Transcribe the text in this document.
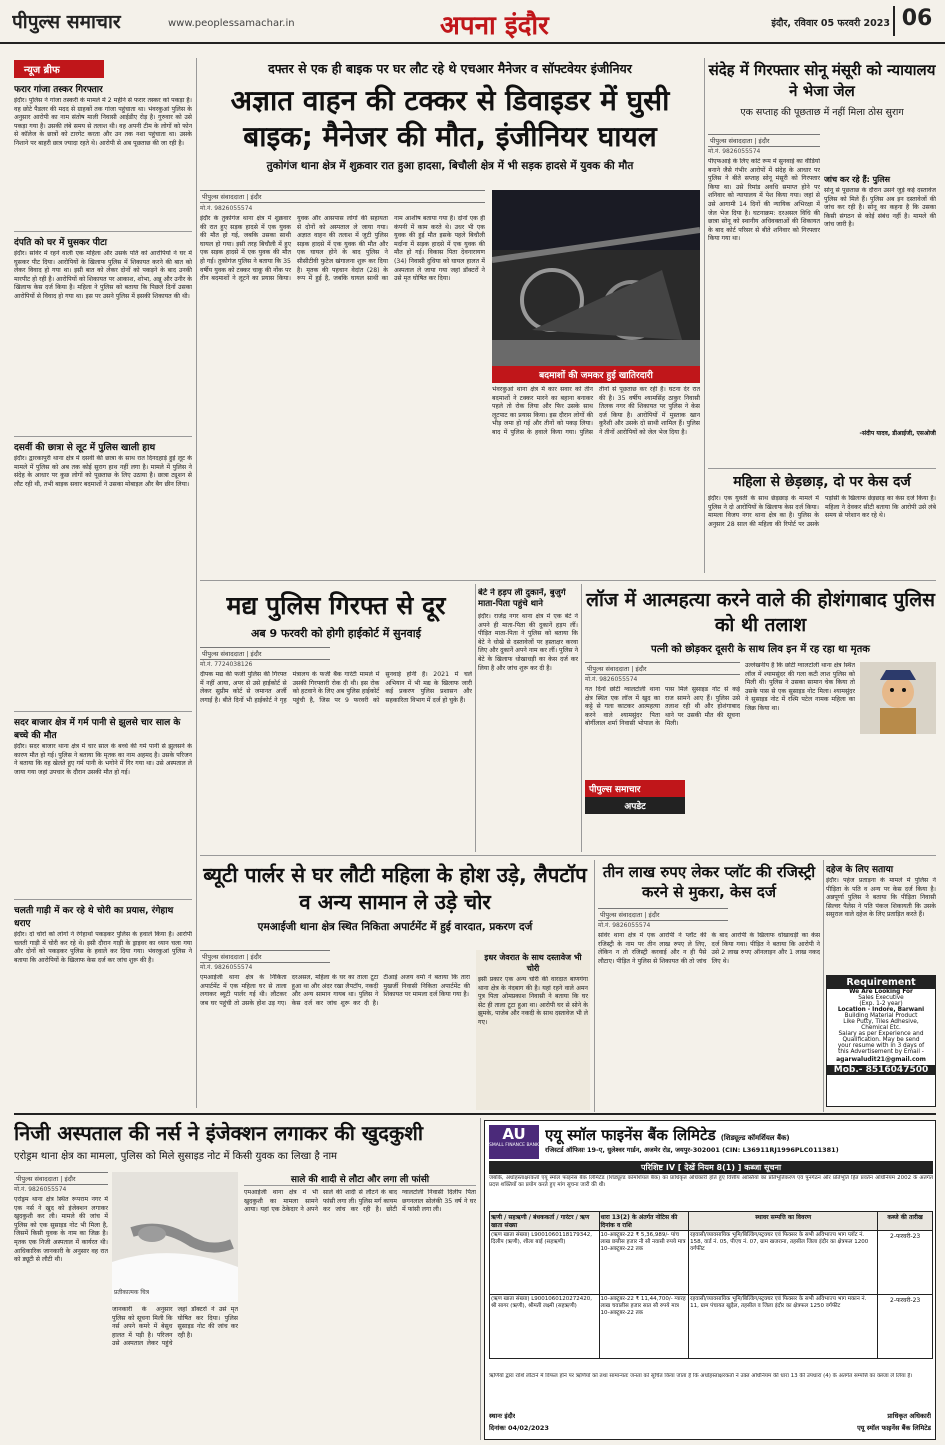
पीपुल्स समाचार	www.peoplessamachar.in	अपना इंदौर	इंदौर, रविवार 05 फरवरी 2023 06
न्यूज ब्रीफ
फरार गांजा तस्कर गिरफ्तार
इंदौर। पुलिस ने गांजा तस्करी के मामले में 2 महीने से फरार तस्कर को पकड़ा है। वह छोटे पैडलर की मदद से ग्राहकों तक गांजा पहुंचाता था। भंवरकुआं पुलिस के अनुसार आरोपी का नाम संतोष माली निवासी आईडीए रोड़ है। गुरुवार को उसे पकड़ा गया है। उसकी लंबे समय से तलाश थी। वह अपनी टीम के लोगों को फोन से कॉलेज के छात्रों को टारगेट करता और उन तक नशा पहुंचाता था। उसके निशाने पर बाहरी छात्र ज्यादा रहते थे। आरोपी से अब पूछताछ की जा रही है।
दंपति को घर में घुसकर पीटा
इंदौर। सांवेर में रहने वाली एक महिला और उसके पति को आरोपियों ने घर में घुसकर पीट दिया। आरोपियों के खिलाफ पुलिस में शिकायत करने की बात को लेकर विवाद हो गया था। इसी बात को लेकर दोनों को पकड़ने के बाद उनकी मारपीट हो रही है। आरोपियों को शिकायत पर आकाश, शोभा, अन्नू और उनीर के खिलाफ केस दर्ज किया है। महिला ने पुलिस को बताया कि पिछले दिनों उसका आरोपियों से विवाद हो गया था। इस पर उसने पुलिस में इसकी शिकायत की थी।
दसवीं की छात्रा से लूट में पुलिस खाली हाथ
इंदौर। द्वारकापुरी थाना क्षेत्र में दसवीं की छात्रा के साथ रात दिनदहाड़े हुई लूट के मामले में पुलिस को अब तक कोई सुराग हाथ नहीं लगा है। मामले में पुलिस ने संदेह के आधार पर कुछ लोगों को पूछताछ के लिए उठाया है। छात्रा ट्यूशन से लौट रही थी, तभी बाइक सवार बदमाशों ने उसका मोबाइल और बैग छीन लिया।
सदर बाजार क्षेत्र में गर्म पानी से झुलसे चार साल के बच्चे की मौत
इंदौर। सदर बाजार थाना क्षेत्र में चार साल के बच्चे की गर्म पानी से झुलसने के कारण मौत हो गई। पुलिस ने बताया कि मृतक का नाम अहमद है। उसके परिजन ने बताया कि वह खेलते हुए गर्म पानी के भगोने में गिर गया था। उसे अस्पताल ले जाया गया जहां उपचार के दौरान उसकी मौत हो गई।
चलती गाड़ी में कर रहे थे चोरी का प्रयास, रंगेहाथ धराए
इंदौर। दो चोरों को लोगों ने रंगेहाथों पकड़कर पुलिस के हवाले किया है। आरोपी चलती गाड़ी में चोरी कर रहे थे। इसी दौरान गाड़ी के ड्राइवर का ध्यान चला गया और दोनों को पकड़कर पुलिस के हवाले कर दिया गया। भंवरकुआं पुलिस ने बताया कि आरोपियों के खिलाफ केस दर्ज कर जांच शुरू की है।
दफ्तर से एक ही बाइक पर घर लौट रहे थे एचआर मैनेजर व सॉफ्टवेयर इंजीनियर
अज्ञात वाहन की टक्कर से डिवाइडर में घुसी बाइक; मैनेजर की मौत, इंजीनियर घायल
तुकोगंज थाना क्षेत्र में शुक्रवार रात हुआ हादसा, बिचौली क्षेत्र में भी सड़क हादसे में युवक की मौत
पीपुल्स संवाददाता | इंदौर
मो.नं. 9826055574
इंदौर के तुकोगंज थाना क्षेत्र में शुक्रवार की रात हुए सड़क हादसे में एक युवक की मौत हो गई, जबकि उसका साथी घायल हो गया। इसी तरह बिचौली में हुए एक सड़क हादसे में एक युवक की मौत हो गई। तुकोगंज पुलिस ने बताया कि 35 वर्षीय युवक को टक्कर चाकू की नोंक पर तीन बदमाशों ने लूटने का प्रयास किया। युवक और आसपास लोगों की सहायता से दोनों को अस्पताल ले जाया गया। अज्ञात वाहन की तलाश में जुटी पुलिस सड़क हादसे में एक युवक की मौत और एक घायल होने के बाद पुलिस ने सीसीटीवी फुटेज खंगालना शुरू कर दिया है। मृतक की पहचान वेदांत (28) के रूप में हुई है, जबकि घायल साथी का नाम आशीष बताया गया है। दोनों एक ही कंपनी में काम करते थे। उधर भी एक युवक की हुई मौत इसके पहले बिचौली मर्दाना में सड़क हादसे में एक युवक की मौत हो गई। विकास पिता देवनारायण (34) निवासी दुधिया को घायल हालत में अस्पताल ले जाया गया जहां डॉक्टरों ने उसे मृत घोषित कर दिया।
बदमाशों की जमकर हुई खातिरदारी
भंवरकुआं थाना क्षेत्र में कार सवार को तीन बदमाशों ने टक्कर मारने का बहाना बनाकर पहले तो रोक लिया और फिर उसके साथ लूटपाट का प्रयास किया। इस दौरान लोगों की भीड़ जमा हो गई और तीनों को पकड़ लिया। बाद में पुलिस के हवाले किया गया। पुलिस तीनों से पूछताछ कर रही है। घटना देर रात की है। 35 वर्षीय श्यामसिंह ठाकुर निवासी तिलक नगर की शिकायत पर पुलिस ने केस दर्ज किया है। आरोपियों में मुस्ताक खान कुरैशी और उसके दो साथी शामिल हैं। पुलिस ने तीनों आरोपियों को जेल भेज दिया है।
संदेह में गिरफ्तार सोनू मंसूरी को न्यायालय ने भेजा जेल
एक सप्ताह की पूछताछ में नहीं मिला ठोस सुराग
पीपुल्स संवाददाता | इंदौर
मो.नं. 9826055574
पीएफआई के लिए कोर्ट रूम में सुनवाई का वीडियो बनाने जैसे गंभीर आरोपों में संदेह के आधार पर पुलिस ने बीते सप्ताह सोनू मंसूरी को गिरफ्तार किया था। उसे रिमांड अवधि समाप्त होने पर शनिवार को न्यायालय में पेश किया गया। जहां से उसे आगामी 14 दिनों की न्यायिक अभिरक्षा में जेल भेज दिया है। घटनाक्रम: दरअसल विधि की छात्रा सोनू को स्थानीय अधिवक्ताओं की शिकायत के बाद कोर्ट परिसर से बीते शनिवार को गिरफ्तार किया गया था।
जांच कर रहे हैं: पुलिस
सोनू से पूछताछ के दौरान उसने जुड़े कई दस्तावेज पुलिस को मिले हैं। पुलिस अब इन दस्तावेजों की जांच कर रही है। सोनू का कहना है कि उसका किसी संगठन से कोई संबंध नहीं है। मामले की जांच जारी है।
-संदीप यादव, डीआईजी, एसओजी
महिला से छेड़छाड़, दो पर केस दर्ज
इंदौर। एक युवती के साथ छेड़छाड़ के मामले में पुलिस ने दो आरोपियों के खिलाफ केस दर्ज किया। मामला विजय नगर थाना क्षेत्र का है। पुलिस के अनुसार 28 साल की महिला की रिपोर्ट पर उसके पड़ोसी के खिलाफ छेड़छाड़ का केस दर्ज किया है। महिला ने देवकर सीटी बताया कि आरोपी उसे लंबे समय से परेशान कर रहे थे।
मद्य पुलिस गिरफ्त से दूर
अब 9 फरवरी को होगी हाईकोर्ट में सुनवाई
पीपुल्स संवाददाता | इंदौर
मो.नं. 7724038126
दीपक मद्य की फर्जी पुलिस की गिरफ्त में नहीं आया, अपर से उसे हाईकोर्ट से लेकर सुप्रीम कोर्ट से जमानत अर्जी लगाई है। बीते दिनों भी हाईकोर्ट ने गृह मंत्रालय के फर्जी बैंक गारंटी मामले में उसकी गिरफ्तारी रोक दी थी। इस रोक को हटवाने के लिए अब पुलिस हाईकोर्ट पहुंची है, जिस पर 9 फरवरी को सुनवाई होनी है। 2021 में चले अभियान में भी मद्य के खिलाफ जारी कई प्रकरण पुलिस प्रशासन और सहकारिता विभाग में दर्ज हो चुके हैं।
बेटे ने हड़प ली दुकानें, बुजुर्ग माता-पिता पहुंचे थाने
इंदौर। राजेंद्र नगर थाना क्षेत्र में एक बेटे ने अपने ही माता-पिता की दुकानें हड़प लीं। पीड़ित माता-पिता ने पुलिस को बताया कि बेटे ने धोखे से दस्तावेजों पर हस्ताक्षर करवा लिए और दुकानें अपने नाम कर लीं। पुलिस ने बेटे के खिलाफ धोखाधड़ी का केस दर्ज कर लिया है और जांच शुरू कर दी है।
लॉज में आत्महत्या करने वाले की होशंगाबाद पुलिस को थी तलाश
पत्नी को छोड़कर दूसरी के साथ लिव इन में रह रहा था मृतक
पीपुल्स संवाददाता | इंदौर
मो.नं. 9826055574
गत दिनों छोटी ग्वालटोली थाना क्षेत्र स्थित एक लॉज में खुद का कट्टे से गला काटकर आत्महत्या करने वाले श्यामसुंदर पिता बोर्गीलाल शर्मा निवासी भोपाल के पास मिले सुसाइड नोट से कई राज सामने आए हैं। पुलिस उसे तलाश रही थी और होशंगाबाद थाने पर उसकी मौत की सूचना मिली।
पीपुल्स समाचार
अपडेट
उल्लेखनीय है कि छोटी ग्वालटोली थाना क्षेत्र स्थित लॉज में श्यामसुंदर की गला कटी लाश पुलिस को मिली थी। पुलिस ने उसका सामान चेक किया तो उसके पास से एक सुसाइड नोट मिला। श्यामसुंदर ने सुसाइड नोट में रश्मि पटेल नामक महिला का जिक्र किया था।
ब्यूटी पार्लर से घर लौटी महिला के होश उड़े, लैपटॉप व अन्य सामान ले उड़े चोर
एमआईजी थाना क्षेत्र स्थित निकिता अपार्टमेंट में हुई वारदात, प्रकरण दर्ज
पीपुल्स संवाददाता | इंदौर
मो.नं. 9826055574
एमआईजी थाना क्षेत्र के निकिता अपार्टमेंट में एक महिला घर से ताला लगाकर ब्यूटी पार्लर गई थी। लौटकर जब घर पहुंची तो उसके होश उड़ गए। दरअसल, महिला के घर का ताला टूटा हुआ था और अंदर रखा लैपटॉप, नकदी और अन्य सामान गायब था। पुलिस ने केस दर्ज कर जांच शुरू कर दी है। टीआई अजय वर्मा ने बताया कि तारा मुखर्जी निवासी निकिता अपार्टमेंट की शिकायत पर मामला दर्ज किया गया है।
इधर जेवरात के साथ दस्तावेज भी चोरी
इसी प्रकार एक अन्य चोरी की वारदात बाणगंगा थाना क्षेत्र के नंदबाग की है। यहां रहने वाले अमन पुत्र पिता ओमप्रकाश निवासी ने बताया कि घर सेट ही ताला टूटा हुआ था। आरोपी घर से सोने के झुमके, पाजेब और नकदी के साथ दस्तावेज भी ले गए।
तीन लाख रुपए लेकर प्लॉट की रजिस्ट्री करने से मुकरा, केस दर्ज
पीपुल्स संवाददाता | इंदौर
मो.नं. 9826055574
सांवेर थाना क्षेत्र में एक आरोपी ने प्लॉट की रजिस्ट्री के नाम पर तीन लाख रुपए ले लिए, लेकिन न तो रजिस्ट्री करवाई और न ही पैसे लौटाए। पीड़ित ने पुलिस से शिकायत की तो जांच के बाद आरोपी के खिलाफ धोखाधड़ी का केस दर्ज किया गया। पीड़ित ने बताया कि आरोपी ने उसे 2 लाख रुपए ऑनलाइन और 1 लाख नकद लिए थे।
दहेज के लिए सताया
इंदौर। पहेज प्रताड़ना के मामले में पुलिस ने पीड़िता के पति व अन्य पर केस दर्ज किया है। अन्नपूर्णा पुलिस ने बताया कि पीड़िता निवासी सिल्वर पैलेस ने पति पंकज शिकायती कि उसके ससुराल वाले दहेज के लिए प्रताड़ित करते हैं।
Requirement
We Are Looking For
Sales Executive
(Exp. 1-2 year)
Location - Indore, Barwani
Building Material Product
Like Putty, Tiles Adhesive,
Chemical Etc.
Salary as per Experience and
Qualification. May be send
your resume with in 3 days of
this Advertisement by Email -
agarwaludit21@gmail.com
Mob.- 8516047500
निजी अस्पताल की नर्स ने इंजेक्शन लगाकर की खुदकुशी
एरोड्रम थाना क्षेत्र का मामला, पुलिस को मिले सुसाइड नोट में किसी युवक का लिखा है नाम
पीपुल्स संवाददाता | इंदौर
मो.नं. 9826055574
एरोड्रम थाना क्षेत्र स्थित रूपराम नगर में एक नर्स ने खुद को इंजेक्शन लगाकर खुदकुशी कर ली। मामले की जांच में पुलिस को एक सुसाइड नोट भी मिला है, जिसमें किसी युवक के नाम का जिक्र है। मृतक एक निजी अस्पताल में कार्यरत थी। आधिकारिक जानकारी के अनुसार वह रात को ड्यूटी से लौटी थी।
प्रतीकात्मक चित्र
जानकारी के अनुसार पुलिस को सूचना मिली कि नर्स अपने कमरे में बेसुध हालत में पड़ी है। परिजन उसे अस्पताल लेकर पहुंचे जहां डॉक्टरों ने उसे मृत घोषित कर दिया। पुलिस सुसाइड नोट की जांच कर रही है।
साले की शादी से लौटा और लगा ली फांसी
एमआईजी थाना क्षेत्र में भी खुदकुशी का मामला सामने आया। यहां एक ठेकेदार ने अपने साले की शादी से लौटने के बाद फांसी लगा ली। पुलिस मर्ग कायम कर जांच कर रही है। छोटी ग्वालटोली निवासी दिलीप पिता छगनलाल सोलंकी 35 वर्ष ने घर में फांसी लगा ली।
AU
SMALL FINANCE BANK
एयू स्मॉल फाइनेंस बैंक लिमिटेड (शिड्यूल्ड कॉमर्शियल बैंक)
रजिस्टर्ड ऑफिसः 19-ए, धुलेश्वर गार्डन, अजमेर रोड, जयपुर-302001 (CIN: L36911RJ1996PLC011381)
परिशिष्ट IV [ देखें नियम 8(1) ] कब्जा सूचना
जबकि, अधोहस्ताक्षरकर्ता एयू स्मॉल फाइनेंस बैंक लिमिटेड (शिड्यूल्ड कॉमर्शियल बैंक) का प्राधिकृत अधिकारी होते हुए वित्तीय आस्तियों का प्रतिभूतिकरण एवं पुनर्गठन और प्रतिभूति हित प्रवर्तन अधिनियम 2002 के अंतर्गत प्रदत्त शक्तियों का प्रयोग करते हुए मांग सूचना जारी की थी।
ऋणी / सहऋणी / बंधककर्ता / गारंटर / ऋण खाता संख्या
धारा 13(2) के अंतर्गत नोटिस की दिनांक व राशि
स्थावर सम्पत्ति का विवरण	कब्जे की तारीख
(ऋण खाता संख्या) L9001060118179342, दिलीप (ऋणी), शीला बाई (सहऋणी)
10-अक्टूबर-22 ₹ 5,36,989/- पांच लाख छत्तीस हजार नौ सौ नवासी रुपये मात्र 10-अक्टूबर-22 तक
रहवासी/व्यावसायिक भूमि/बिल्डिंग/स्ट्रक्चर एवं फिक्सर के सभी अविभाज्य भाग प्लॉट नं. 158, वार्ड नं. 05, पीएच नं. 07, ग्राम खजराना, तहसील जिला इंदौर का क्षेत्रफल 1200 वर्गफीट
2-फरवरी-23
(ऋण खाता संख्या) L9001060120272420, श्री सागर (ऋणी), श्रीमती लक्ष्मी (सहऋणी)
10-अक्टूबर-22 ₹ 11,44,700/- ग्यारह लाख चवालीस हजार सात सौ रुपये मात्र 10-अक्टूबर-22 तक
रहवासी/व्यावसायिक भूमि/बिल्डिंग/स्ट्रक्चर एवं फिक्सर के सभी अविभाज्य भाग मकान नं. 11, ग्राम पंचायत खुड़ैल, तहसील व जिला इंदौर का क्षेत्रफल 1250 वर्गफीट
2-फरवरी-23
ऋणियों द्वारा राशि लौटाने में विफल होने पर ऋणियों को तथा सामान्यतः जनता को सूचित किया जाता है कि अधोहस्ताक्षरकर्ता ने उक्त अधिनियम की धारा 13 की उपधारा (4) के अंतर्गत सम्पत्ति का कब्जा ले लिया है।
स्थानः इंदौर
दिनांकः 04/02/2023
प्राधिकृत अधिकारी
एयू स्मॉल फाइनेंस बैंक लिमिटेड
